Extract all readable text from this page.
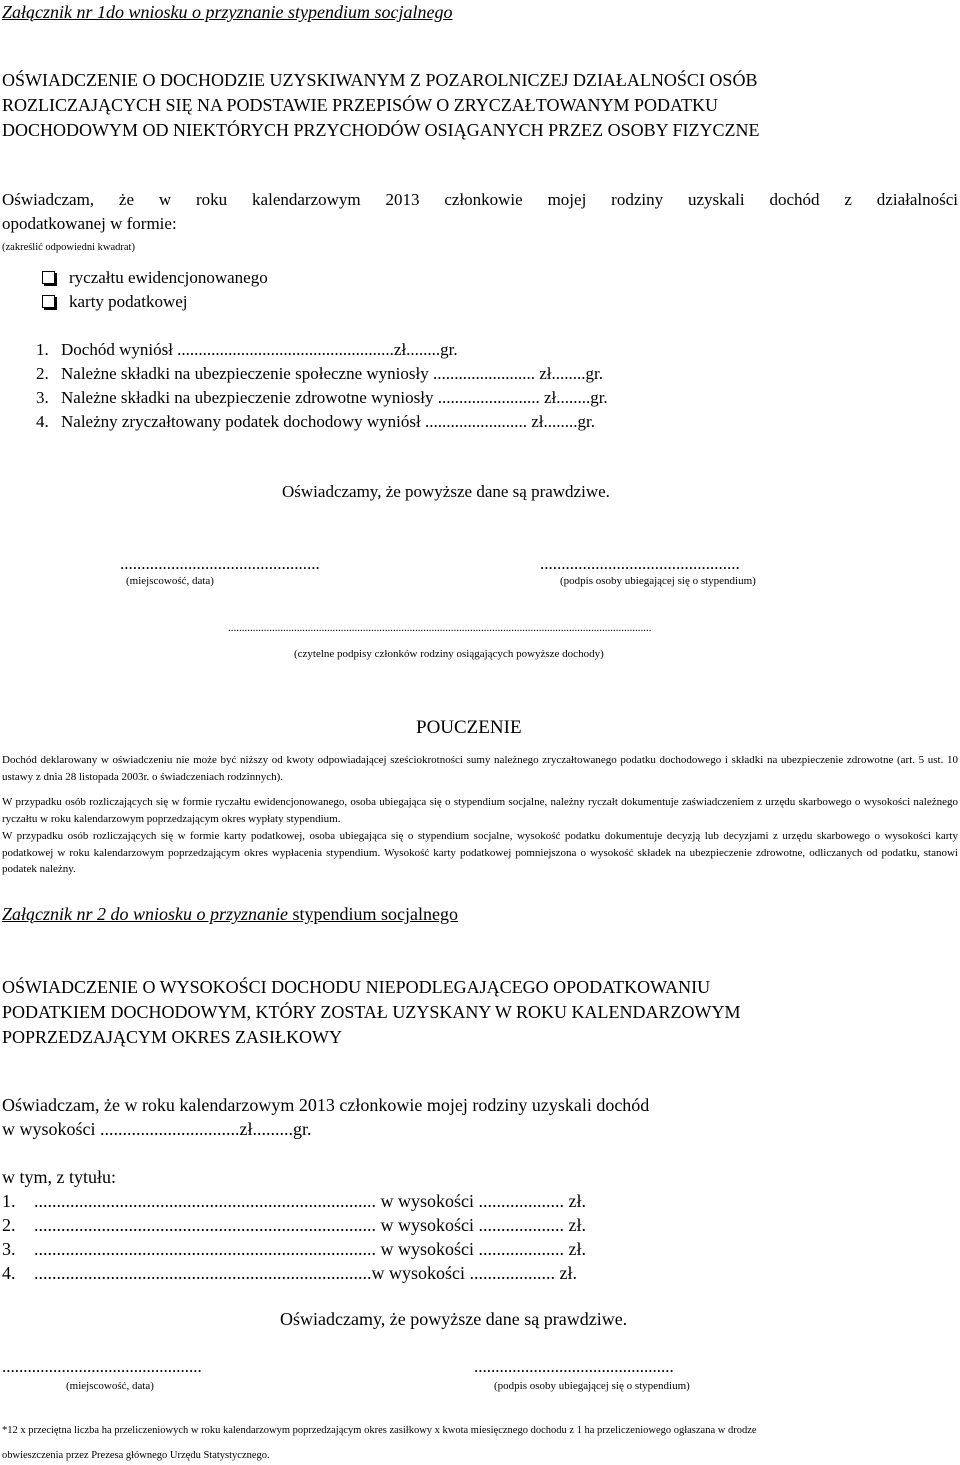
Załącznik nr 1do wniosku o przyznanie stypendium socjalnego
OŚWIADCZENIE O DOCHODZIE UZYSKIWANYM Z POZAROLNICZEJ DZIAŁALNOŚCI OSÓB
ROZLICZAJĄCYCH SIĘ NA PODSTAWIE PRZEPISÓW O ZRYCZAŁTOWANYM PODATKU
DOCHODOWYM OD NIEKTÓRYCH PRZYCHODÓW OSIĄGANYCH PRZEZ OSOBY FIZYCZNE
Oświadczam, że w roku kalendarzowym 2013 członkowie mojej rodziny uzyskali dochód z działalności
opodatkowanej w formie:
(zakreślić odpowiedni kwadrat)
ryczałtu ewidencjonowanego
karty podatkowej
1. Dochód wyniósł ...................................................zł........gr.
2. Należne składki na ubezpieczenie społeczne wyniosły ........................ zł........gr.
3. Należne składki na ubezpieczenie zdrowotne wyniosły ........................ zł........gr.
4. Należny zryczałtowany podatek dochodowy wyniósł ........................ zł........gr.
Oświadczamy, że powyższe dane są prawdziwe.
...............................................
(miejscowość, data)
...............................................
(podpis osoby ubiegającej się o stypendium)
..........................................................................................................................................................
(czytelne podpisy członków rodziny osiągających powyższe dochody)
POUCZENIE
Dochód deklarowany w oświadczeniu nie może być niższy od kwoty odpowiadającej sześciokrotności sumy należnego zryczałtowanego podatku dochodowego i składki na ubezpieczenie zdrowotne (art. 5 ust. 10 ustawy z dnia 28 listopada 2003r. o świadczeniach rodzinnych).
W przypadku osób rozliczających się w formie ryczałtu ewidencjonowanego, osoba ubiegająca się o stypendium socjalne, należny ryczałt dokumentuje zaświadczeniem z urzędu skarbowego o wysokości należnego ryczałtu w roku kalendarzowym poprzedzającym okres wypłaty stypendium.
W przypadku osób rozliczających się w formie karty podatkowej, osoba ubiegająca się o stypendium socjalne, wysokość podatku dokumentuje decyzją lub decyzjami z urzędu skarbowego o wysokości karty podatkowej w roku kalendarzowym poprzedzającym okres wypłacenia stypendium. Wysokość karty podatkowej pomniejszona o wysokość składek na ubezpieczenie zdrowotne, odliczanych od podatku, stanowi podatek należny.
Załącznik nr 2 do wniosku o przyznanie stypendium socjalnego
OŚWIADCZENIE O WYSOKOŚCI DOCHODU NIEPODLEGAJĄCEGO OPODATKOWANIU
PODATKIEM DOCHODOWYM, KTÓRY ZOSTAŁ UZYSKANY W ROKU KALENDARZOWYM
POPRZEDZAJĄCYM OKRES ZASIŁKOWY
Oświadczam, że w roku kalendarzowym 2013 członkowie mojej rodziny uzyskali dochód
w wysokości ...............................zł.........gr.
w tym, z tytułu:
1. ............................................................................ w wysokości ................... zł.
2. ............................................................................ w wysokości ................... zł.
3. ............................................................................ w wysokości ................... zł.
4. ...........................................................................w wysokości ................... zł.
Oświadczamy, że powyższe dane są prawdziwe.
...............................................
(miejscowość, data)
...............................................
(podpis osoby ubiegającej się o stypendium)
*12 x przeciętna liczba ha przeliczeniowych w roku kalendarzowym poprzedzającym okres zasiłkowy x kwota miesięcznego dochodu z 1 ha przeliczeniowego ogłaszana w drodze
obwieszczenia przez Prezesa głównego Urzędu Statystycznego.
